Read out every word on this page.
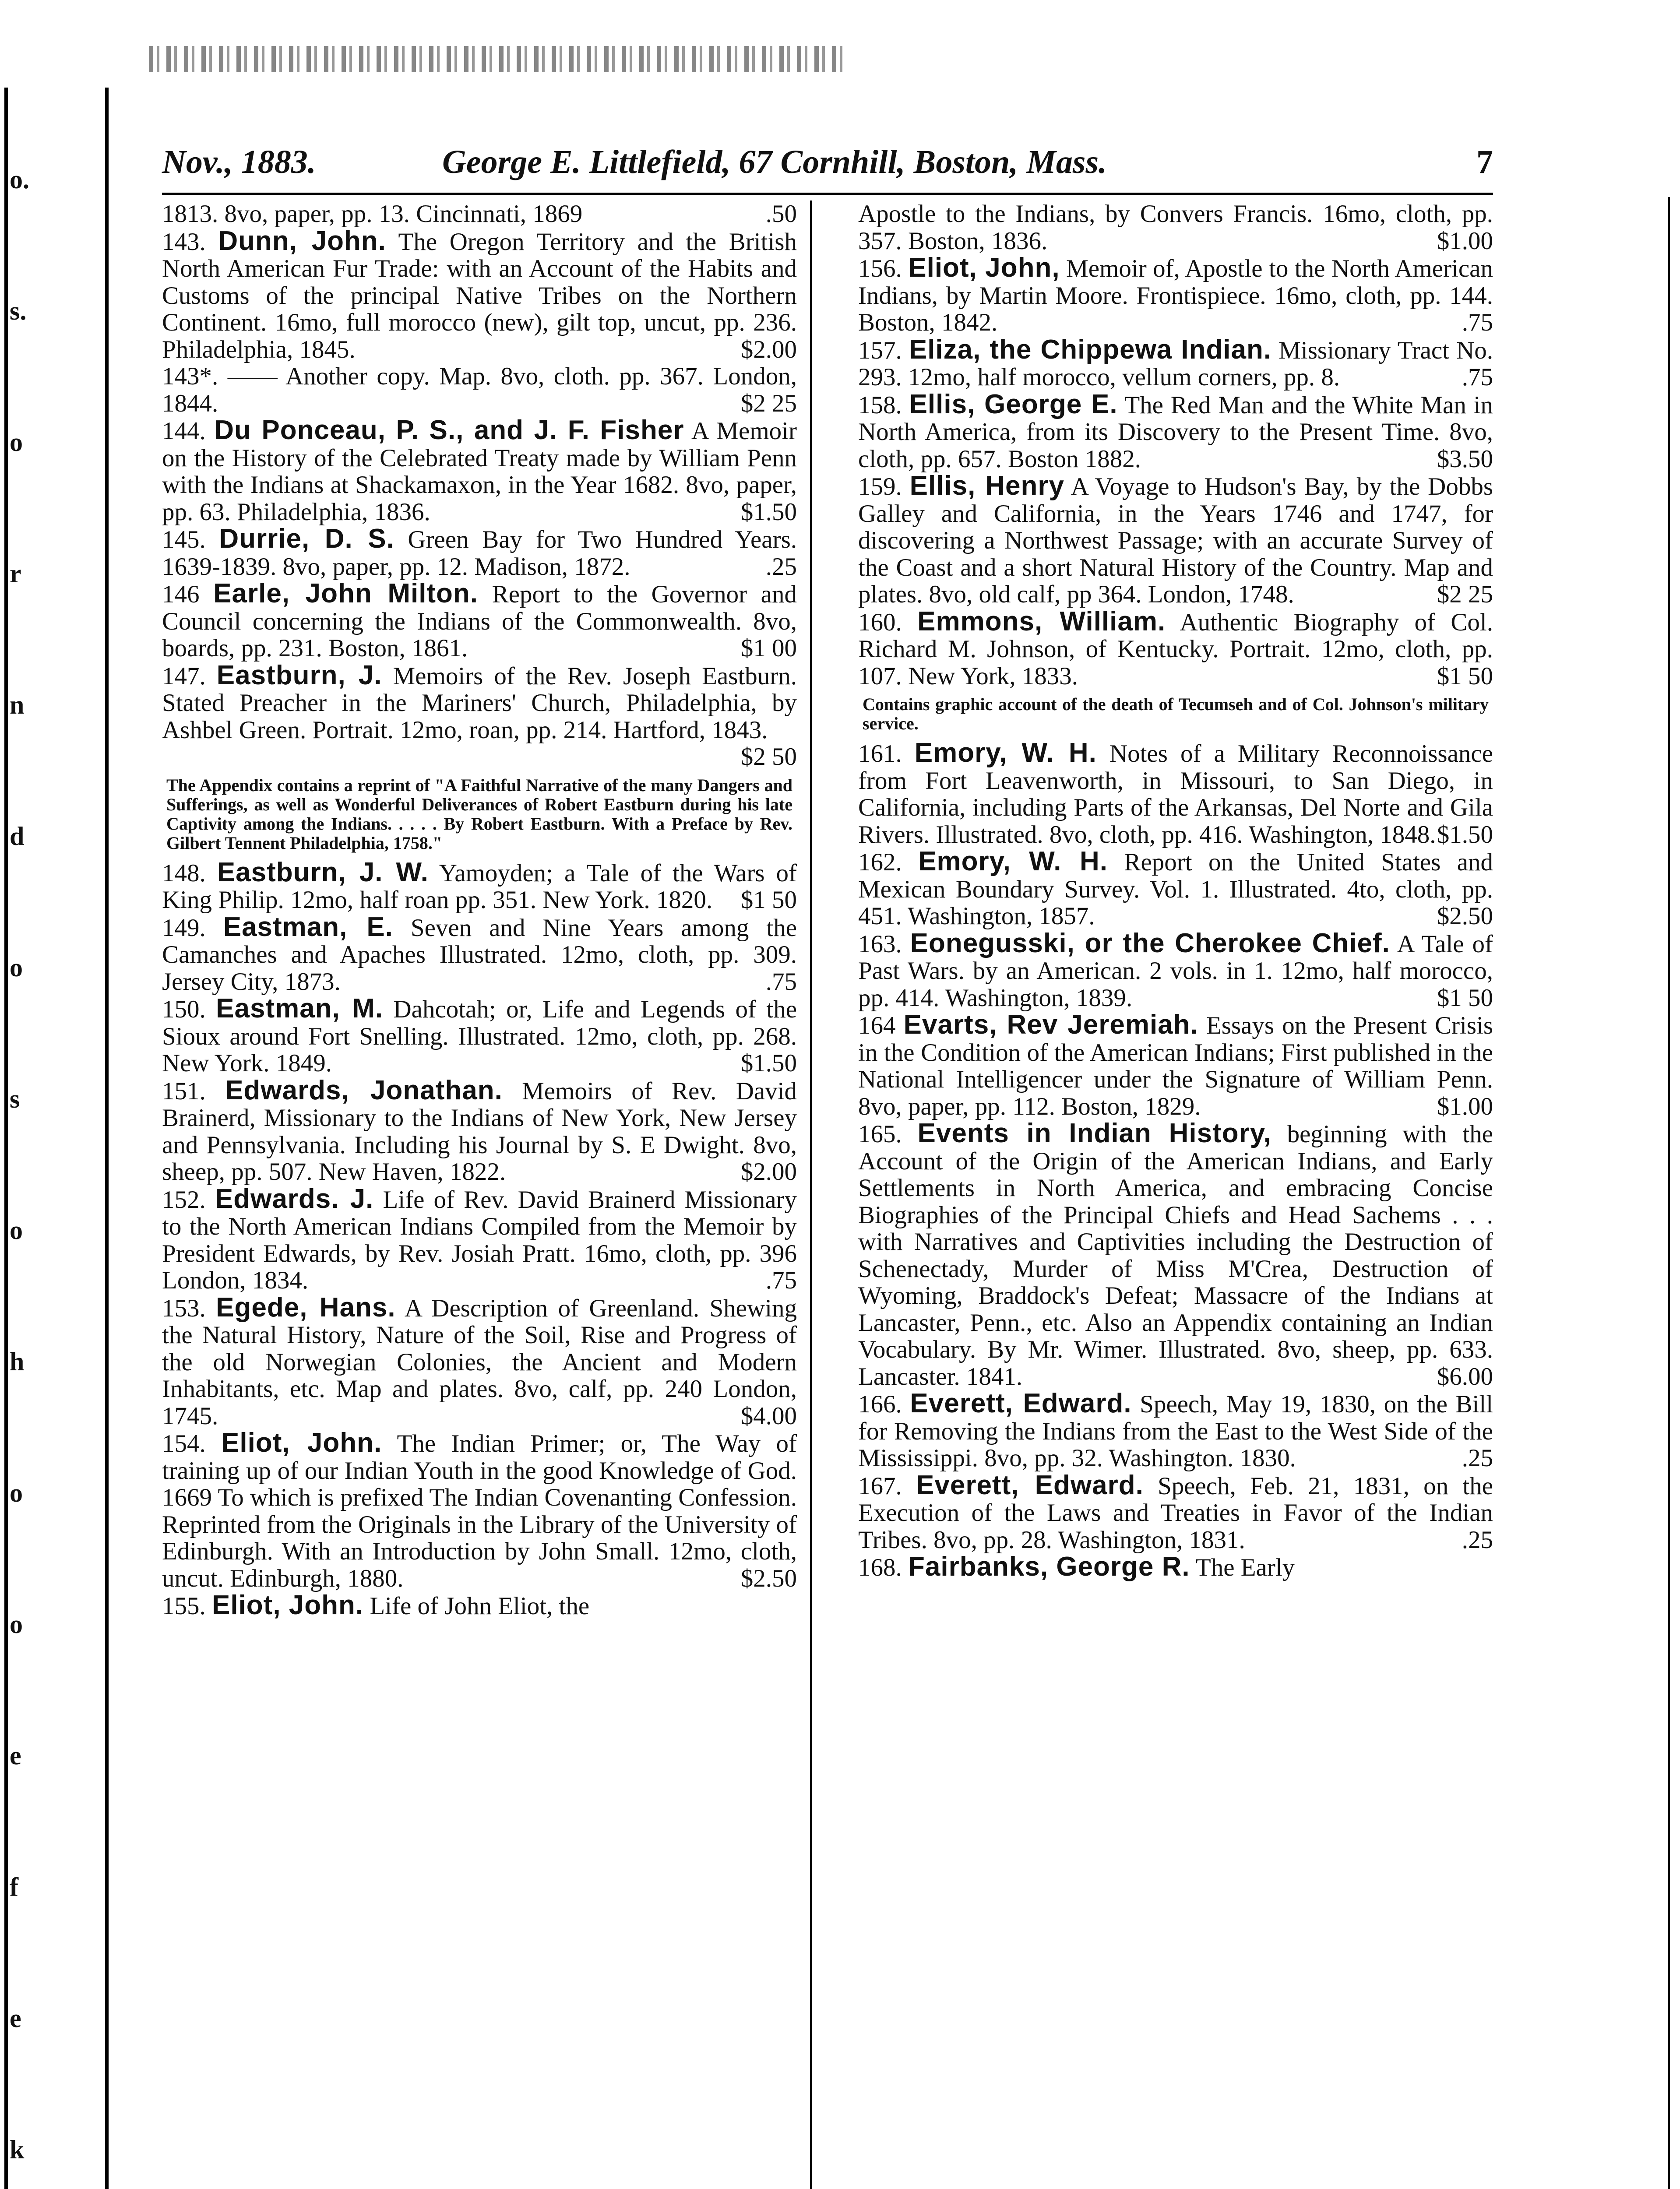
o.
s.
o
r
n
d
o
s
o
h
o
o
e
f
e
k
Nov., 1883.	George E. Littlefield, 67 Cornhill, Boston, Mass.	7

1813. 8vo, paper, pp. 13. Cincinnati, 1869	.50

143. Dunn, John. The Oregon Territory and the British North American Fur Trade: with an Account of the Habits and Customs of the principal Native Tribes on the Northern Continent. 16mo, full morocco (new), gilt top, uncut, pp. 236. Philadelphia, 1845.	$2.00

143*. —— Another copy. Map. 8vo, cloth. pp. 367. London, 1844.	$2 25

144. Du Ponceau, P. S., and J. F. Fisher A Memoir on the History of the Celebrated Treaty made by William Penn with the Indians at Shackamaxon, in the Year 1682. 8vo, paper, pp. 63. Philadelphia, 1836.	$1.50

145. Durrie, D. S. Green Bay for Two Hundred Years. 1639-1839. 8vo, paper, pp. 12. Madison, 1872.	.25

146 Earle, John Milton. Report to the Governor and Council concerning the Indians of the Commonwealth. 8vo, boards, pp. 231. Boston, 1861.	$1 00

147. Eastburn, J. Memoirs of the Rev. Joseph Eastburn. Stated Preacher in the Mariners' Church, Philadelphia, by Ashbel Green. Portrait. 12mo, roan, pp. 214. Hartford, 1843.
$2 50

The Appendix contains a reprint of "A Faithful Narrative of the many Dangers and Sufferings, as well as Wonderful Deliverances of Robert Eastburn during his late Captivity among the Indians. . . . . By Robert Eastburn. With a Preface by Rev. Gilbert Tennent Philadelphia, 1758."

148. Eastburn, J. W. Yamoyden; a Tale of the Wars of King Philip. 12mo, half roan pp. 351. New York. 1820. $1 50

149. Eastman, E. Seven and Nine Years among the Camanches and Apaches Illustrated. 12mo, cloth, pp. 309. Jersey City, 1873.	.75

150. Eastman, M. Dahcotah; or, Life and Legends of the Sioux around Fort Snelling. Illustrated. 12mo, cloth, pp. 268. New York. 1849.	$1.50

151. Edwards, Jonathan. Memoirs of Rev. David Brainerd, Missionary to the Indians of New York, New Jersey and Pennsylvania. Including his Journal by S. E Dwight. 8vo, sheep, pp. 507. New Haven, 1822.	$2.00

152. Edwards. J. Life of Rev. David Brainerd Missionary to the North American Indians Compiled from the Memoir by President Edwards, by Rev. Josiah Pratt. 16mo, cloth, pp. 396 London, 1834.	.75

153. Egede, Hans. A Description of Greenland. Shewing the Natural History, Nature of the Soil, Rise and Progress of the old Norwegian Colonies, the Ancient and Modern Inhabitants, etc. Map and plates. 8vo, calf, pp. 240 London, 1745.	$4.00

154. Eliot, John. The Indian Primer; or, The Way of training up of our Indian Youth in the good Knowledge of God. 1669 To which is prefixed The Indian Covenanting Confession. Reprinted from the Originals in the Library of the University of Edinburgh. With an Introduction by John Small. 12mo, cloth, uncut. Edinburgh, 1880.	$2.50

155. Eliot, John. Life of John Eliot, the

Apostle to the Indians, by Convers Francis. 16mo, cloth, pp. 357. Boston, 1836.	$1.00

156. Eliot, John, Memoir of, Apostle to the North American Indians, by Martin Moore. Frontispiece. 16mo, cloth, pp. 144. Boston, 1842.	.75

157. Eliza, the Chippewa Indian. Missionary Tract No. 293. 12mo, half morocco, vellum corners, pp. 8.	.75

158. Ellis, George E. The Red Man and the White Man in North America, from its Discovery to the Present Time. 8vo, cloth, pp. 657. Boston 1882.	$3.50

159. Ellis, Henry A Voyage to Hudson's Bay, by the Dobbs Galley and California, in the Years 1746 and 1747, for discovering a Northwest Passage; with an accurate Survey of the Coast and a short Natural History of the Country. Map and plates. 8vo, old calf, pp 364. London, 1748.	$2 25

160. Emmons, William. Authentic Biography of Col. Richard M. Johnson, of Kentucky. Portrait. 12mo, cloth, pp. 107. New York, 1833.	$1 50

Contains graphic account of the death of Tecumseh and of Col. Johnson's military service.

161. Emory, W. H. Notes of a Military Reconnoissance from Fort Leavenworth, in Missouri, to San Diego, in California, including Parts of the Arkansas, Del Norte and Gila Rivers. Illustrated. 8vo, cloth, pp. 416. Washington, 1848. $1.50

162. Emory, W. H. Report on the United States and Mexican Boundary Survey. Vol. 1. Illustrated. 4to, cloth, pp. 451. Washington, 1857.	$2.50

163. Eonegusski, or the Cherokee Chief. A Tale of Past Wars. by an American. 2 vols. in 1. 12mo, half morocco, pp. 414. Washington, 1839.	$1 50

164 Evarts, Rev Jeremiah. Essays on the Present Crisis in the Condition of the American Indians; First published in the National Intelligencer under the Signature of William Penn. 8vo, paper, pp. 112. Boston, 1829.	$1.00

165. Events in Indian History, beginning with the Account of the Origin of the American Indians, and Early Settlements in North America, and embracing Concise Biographies of the Principal Chiefs and Head Sachems . . . with Narratives and Captivities including the Destruction of Schenectady, Murder of Miss M'Crea, Destruction of Wyoming, Braddock's Defeat; Massacre of the Indians at Lancaster, Penn., etc. Also an Appendix containing an Indian Vocabulary. By Mr. Wimer. Illustrated. 8vo, sheep, pp. 633. Lancaster. 1841.	$6.00

166. Everett, Edward. Speech, May 19, 1830, on the Bill for Removing the Indians from the East to the West Side of the Mississippi. 8vo, pp. 32. Washington. 1830.	.25

167. Everett, Edward. Speech, Feb. 21, 1831, on the Execution of the Laws and Treaties in Favor of the Indian Tribes. 8vo, pp. 28. Washington, 1831.	.25

168. Fairbanks, George R. The Early
